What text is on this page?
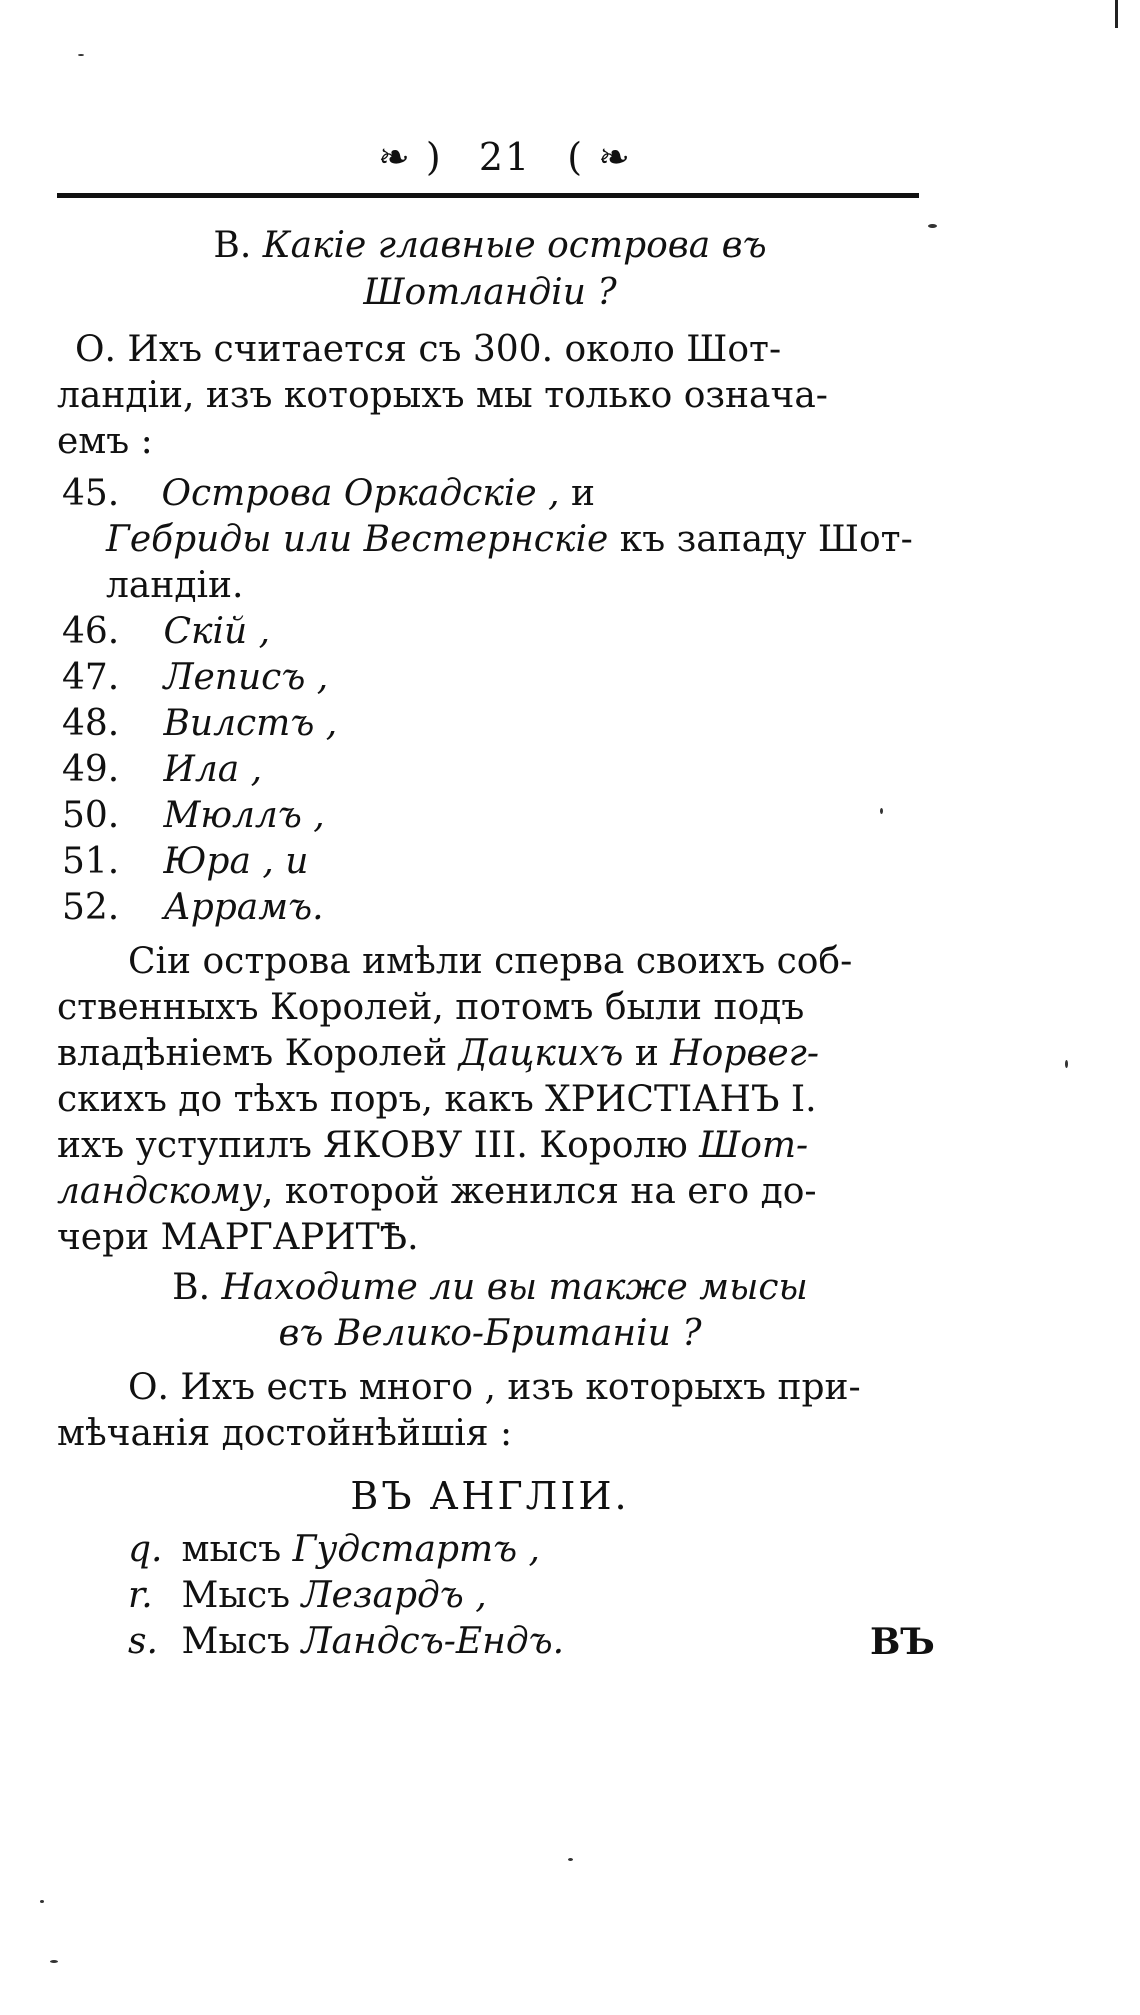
❧ ) 21 ( ❧
В. Какіе главные острова въ
Шотландіи ?
О. Ихъ считается съ 300. около Шот-
ландіи, изъ которыхъ мы только означа-
емъ :
45. Острова Оркадскіе , и
Гебриды или Вестернскіе къ западу Шот-
ландіи.
46. Скій ,
47. Леписъ ,
48. Вилстъ ,
49. Ила ,
50. Мюллъ ,
51. Юра , и
52. Аррамъ.
Сіи острова имѣли сперва своихъ соб-
ственныхъ Королей, потомъ были подъ
владѣніемъ Королей Дацкихъ и Норвег-
скихъ до тѣхъ поръ, какъ ХРИСТІАНЪ I.
ихъ уступилъ ЯКОВУ III. Королю Шот-
ландскому, которой женился на его до-
чери МАРГАРИТѢ.
В. Находите ли вы также мысы
въ Велико-Британіи ?
О. Ихъ есть много , изъ которыхъ при-
мѣчанія достойнѣйшія :
ВЪ АНГЛІИ.
q. мысъ Гудстартъ ,
r. Мысъ Лезардъ ,
s. Мысъ Ландсъ-Ендъ.	ВЪ
